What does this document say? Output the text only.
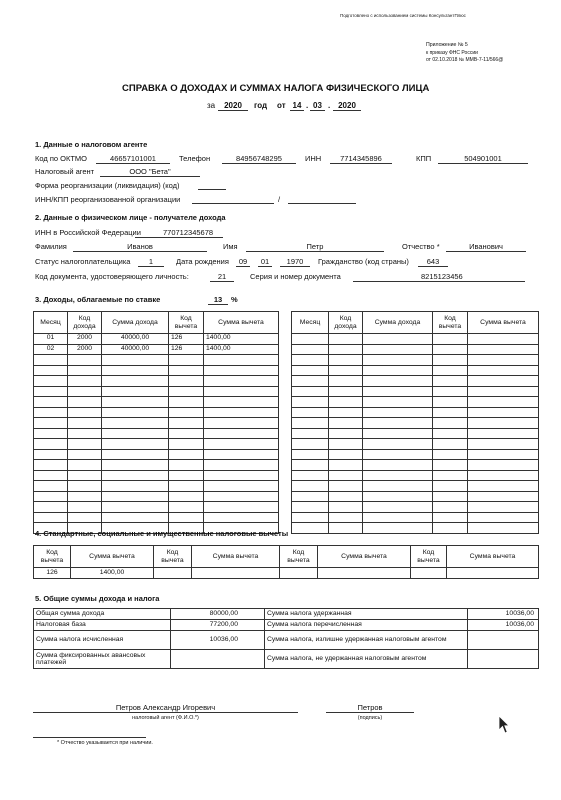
Подготовлено с использованием системы КонсультантПлюс
Приложение № 5
к приказу ФНС России
от 02.10.2018 № ММВ-7-11/566@
СПРАВКА О ДОХОДАХ И СУММАХ НАЛОГА ФИЗИЧЕСКОГО ЛИЦА
за	2020	год от 14 . 03 . 2020
1. Данные о налоговом агенте
Код по ОКТМО	46657101001	Телефон	84956748295	ИНН	7714345896	КПП	504901001
Налоговый агент	ООО "Бета"
Форма реорганизации (ликвидация) (код)
ИНН/КПП реорганизованной организации	/
2. Данные о физическом лице - получателе дохода
ИНН в Российской Федерации	770712345678
Фамилия	Иванов	Имя	Петр	Отчество *	Иванович
Статус налогоплательщика	1	Дата рождения	09	01	1970	Гражданство (код страны)	643
Код документа, удостоверяющего личность:	21	Серия и номер документа	8215123456
3. Доходы, облагаемые по ставке	13	%
Месяц	Код дохода	Сумма дохода	Код вычета	Сумма вычета
01	2000	40000,00	126	1400,00
02	2000	40000,00	126	1400,00

Месяц	Код дохода	Сумма дохода	Код вычета	Сумма вычета

4. Стандартные, социальные и имущественные налоговые вычеты
Код вычета	Сумма вычета	Код вычета	Сумма вычета	Код вычета	Сумма вычета	Код вычета	Сумма вычета
126	1400,00						
5. Общие суммы дохода и налога
Общая сумма дохода	80000,00	Сумма налога удержанная	10036,00
Налоговая база	77200,00	Сумма налога перечисленная	10036,00
Сумма налога исчисленная	10036,00	Сумма налога, излишне удержанная налоговым агентом	
Сумма фиксированных авансовых платежей		Сумма налога, не удержанная налоговым агентом	
Петров Александр Игоревич
налоговый агент (Ф.И.О.*)
Петров
(подпись)
* Отчество указывается при наличии.
